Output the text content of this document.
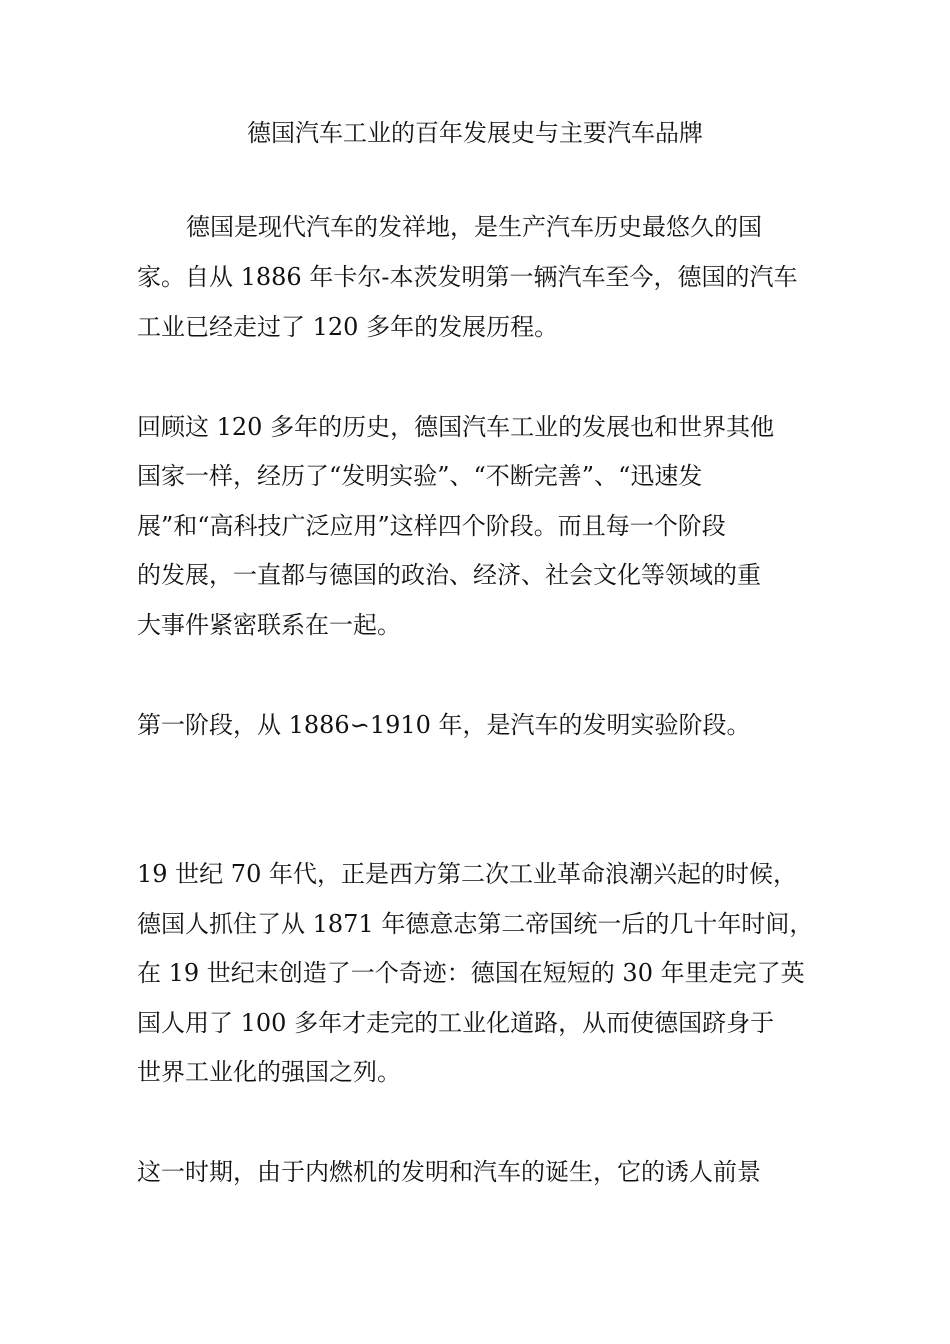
德国汽车工业的百年发展史与主要汽车品牌
德国是现代汽车的发祥地，是生产汽车历史最悠久的国
家。自从 1886 年卡尔-本茨发明第一辆汽车至今，德国的汽车
工业已经走过了 120 多年的发展历程。
回顾这 120 多年的历史，德国汽车工业的发展也和世界其他
国家一样，经历了“发明实验”、“不断完善”、“迅速发
展”和“高科技广泛应用”这样四个阶段。而且每一个阶段
的发展，一直都与德国的政治、经济、社会文化等领域的重
大事件紧密联系在一起。
第一阶段，从 1886∽1910 年，是汽车的发明实验阶段。
19 世纪 70 年代，正是西方第二次工业革命浪潮兴起的时候，
德国人抓住了从 1871 年德意志第二帝国统一后的几十年时间，
在 19 世纪末创造了一个奇迹：德国在短短的 30 年里走完了英
国人用了 100 多年才走完的工业化道路，从而使德国跻身于
世界工业化的强国之列。
这一时期，由于内燃机的发明和汽车的诞生，它的诱人前景
